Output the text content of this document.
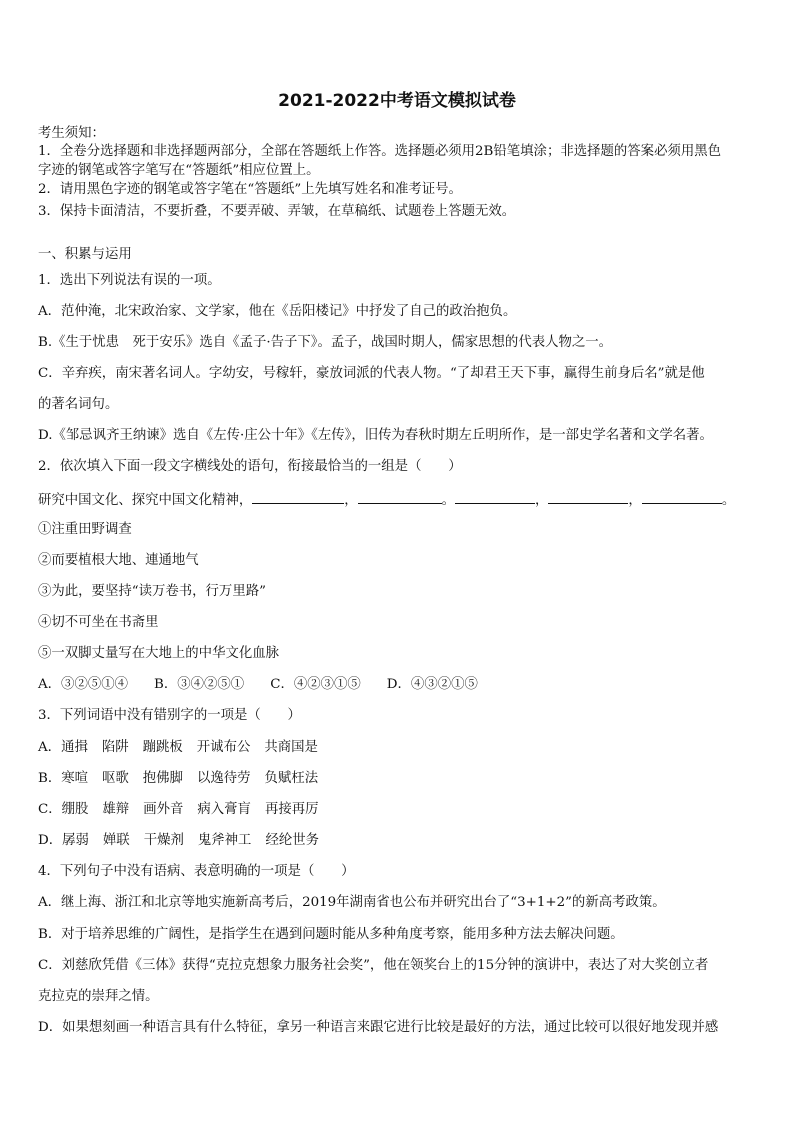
2021-2022中考语文模拟试卷
考生须知：
1．全卷分选择题和非选择题两部分，全部在答题纸上作答。选择题必须用2B铅笔填涂；非选择题的答案必须用黑色
字迹的钢笔或答字笔写在“答题纸”相应位置上。
2．请用黑色字迹的钢笔或答字笔在“答题纸”上先填写姓名和准考证号。
3．保持卡面清洁，不要折叠，不要弄破、弄皱，在草稿纸、试题卷上答题无效。
一、积累与运用
1．选出下列说法有误的一项。
A．范仲淹，北宋政治家、文学家，他在《岳阳楼记》中抒发了自己的政治抱负。
B.《生于忧患　死于安乐》选自《孟子·告子下》。孟子，战国时期人，儒家思想的代表人物之一。
C．辛弃疾，南宋著名词人。字幼安，号稼轩，豪放词派的代表人物。“了却君王天下事，赢得生前身后名”就是他
的著名词句。
D.《邹忌讽齐王纳谏》选自《左传·庄公十年》《左传》，旧传为春秋时期左丘明所作，是一部史学名著和文学名著。
2．依次填入下面一段文字横线处的语句，衔接最恰当的一组是（　　）
研究中国文化、探究中国文化精神，	，	。	，	，	。
①注重田野调查
②而要植根大地、連通地气
③为此，要坚持“读万卷书，行万里路”
④切不可坐在书斋里
⑤一双脚丈量写在大地上的中华文化血脉
A．③②⑤①④ B．③④②⑤① C．④②③①⑤ D．④③②①⑤
3．下列词语中没有错别字的一项是（　　）
A．通揖 陷阱 蹦跳板 开诚布公 共商国是
B．寒喧 呕歌 抱佛脚 以逸待劳 负赋枉法
C．绷股 雄辩 画外音 病入膏肓 再接再厉
D．孱弱 婵联 干燥剂 鬼斧神工 经纶世务
4．下列句子中没有语病、表意明确的一项是（　　）
A．继上海、浙江和北京等地实施新高考后，2019年湖南省也公布并研究出台了“3+1+2”的新高考政策。
B．对于培养思维的广阔性，是指学生在遇到问题时能从多种角度考察，能用多种方法去解决问题。
C．刘慈欣凭借《三体》获得“克拉克想象力服务社会奖”，他在领奖台上的15分钟的演讲中，表达了对大奖创立者
克拉克的崇拜之情。
D．如果想刻画一种语言具有什么特征，拿另一种语言来跟它进行比较是最好的方法，通过比较可以很好地发现并感
